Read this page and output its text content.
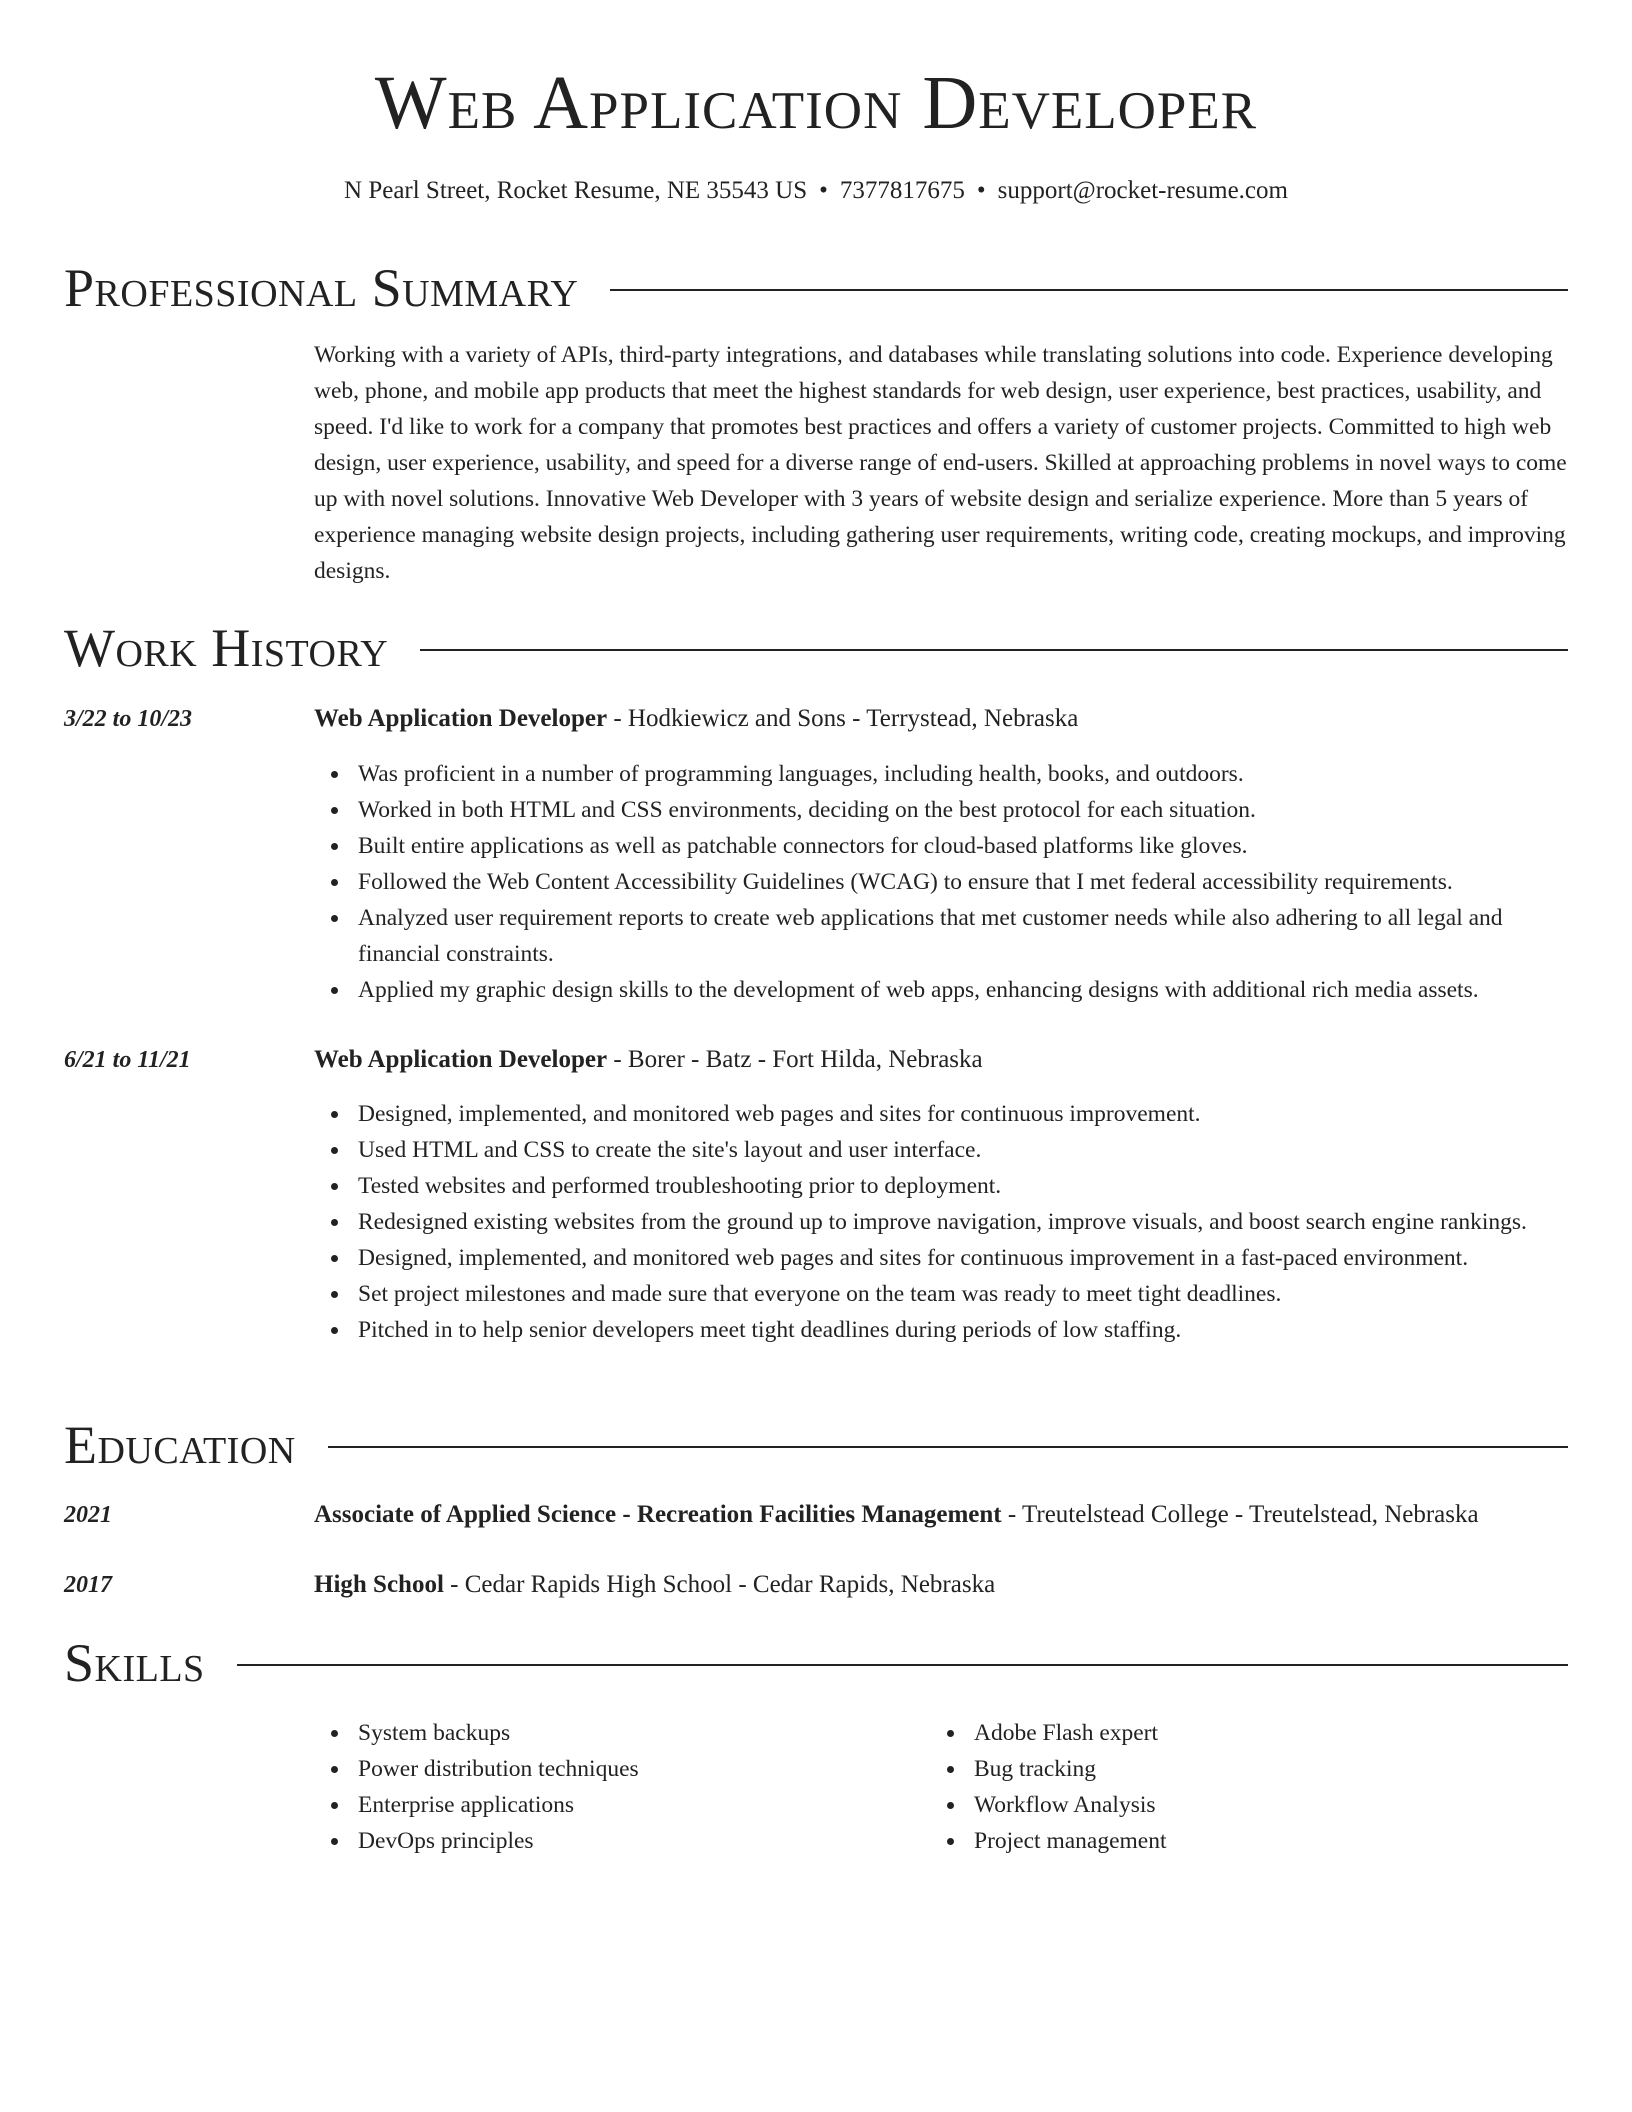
Web Application Developer
N Pearl Street, Rocket Resume, NE 35543 US • 7377817675 • support@rocket-resume.com
Professional Summary

Working with a variety of APIs, third-party integrations, and databases while translating solutions into code. Experience developing web, phone, and mobile app products that meet the highest standards for web design, user experience, best practices, usability, and speed. I'd like to work for a company that promotes best practices and offers a variety of customer projects. Committed to high web design, user experience, usability, and speed for a diverse range of end-users. Skilled at approaching problems in novel ways to come up with novel solutions. Innovative Web Developer with 3 years of website design and serialize experience. More than 5 years of experience managing website design projects, including gathering user requirements, writing code, creating mockups, and improving designs.

Work History
3/22 to 10/23	Web Application Developer - Hodkiewicz and Sons - Terrystead, Nebraska
Was proficient in a number of programming languages, including health, books, and outdoors.
Worked in both HTML and CSS environments, deciding on the best protocol for each situation.
Built entire applications as well as patchable connectors for cloud-based platforms like gloves.
Followed the Web Content Accessibility Guidelines (WCAG) to ensure that I met federal accessibility requirements.
Analyzed user requirement reports to create web applications that met customer needs while also adhering to all legal and financial constraints.
Applied my graphic design skills to the development of web apps, enhancing designs with additional rich media assets.
6/21 to 11/21	Web Application Developer - Borer - Batz - Fort Hilda, Nebraska
Designed, implemented, and monitored web pages and sites for continuous improvement.
Used HTML and CSS to create the site's layout and user interface.
Tested websites and performed troubleshooting prior to deployment.
Redesigned existing websites from the ground up to improve navigation, improve visuals, and boost search engine rankings.
Designed, implemented, and monitored web pages and sites for continuous improvement in a fast-paced environment.
Set project milestones and made sure that everyone on the team was ready to meet tight deadlines.
Pitched in to help senior developers meet tight deadlines during periods of low staffing.
Education
2021	Associate of Applied Science - Recreation Facilities Management - Treutelstead College - Treutelstead, Nebraska
2017	High School - Cedar Rapids High School - Cedar Rapids, Nebraska
Skills
System backups
Power distribution techniques
Enterprise applications
DevOps principles
Adobe Flash expert
Bug tracking
Workflow Analysis
Project management
